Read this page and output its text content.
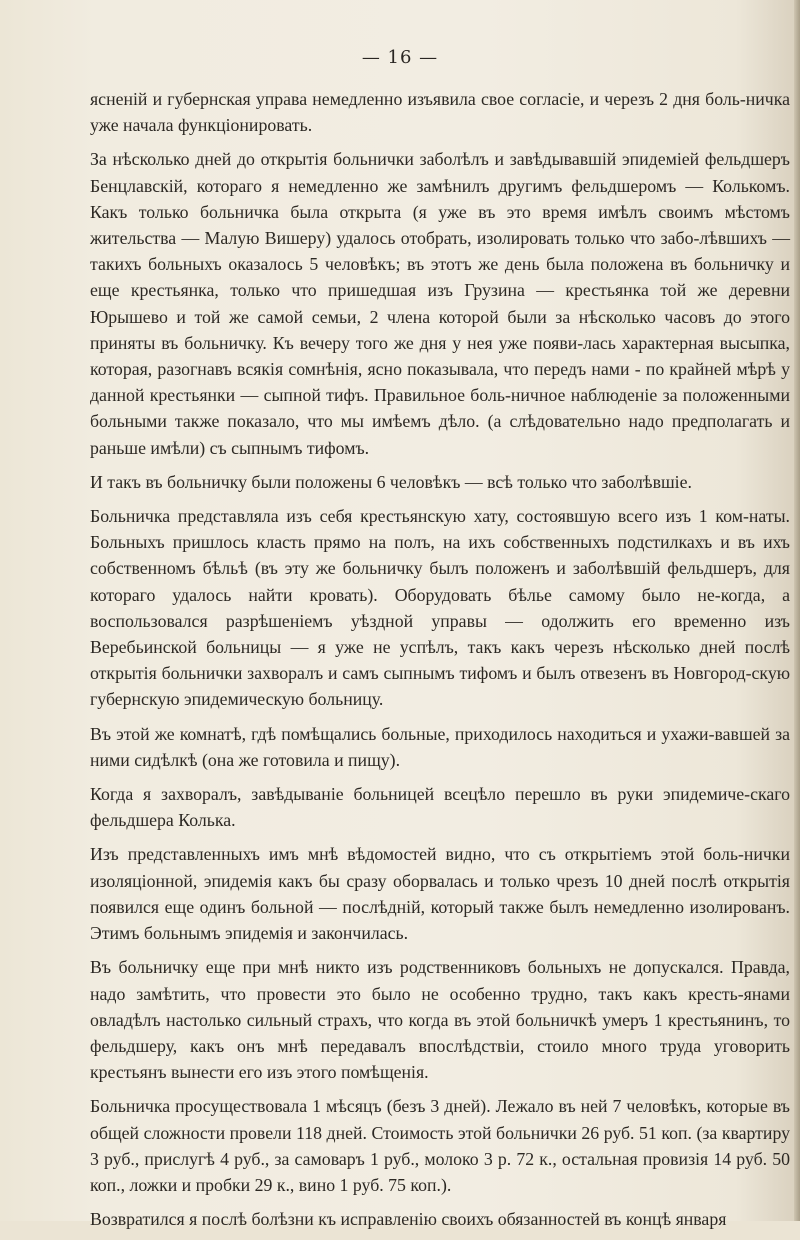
— 16 —

ясненій и губернская управа немедленно изъявила свое согласіе, и черезъ 2 дня боль-ничка уже начала функціонировать.

За нѣсколько дней до открытія больнички заболѣлъ и завѣдывавшій эпидеміей фельдшеръ Бенцлавскій, котораго я немедленно же замѣнилъ другимъ фельдшеромъ — Колькомъ. Какъ только больничка была открыта (я уже въ это время имѣлъ своимъ мѣстомъ жительства — Малую Вишеру) удалось отобрать, изолировать только что забо-лѣвшихъ — такихъ больныхъ оказалось 5 человѣкъ; въ этотъ же день была положена въ больничку и еще крестьянка, только что пришедшая изъ Грузина — крестьянка той же деревни Юрышево и той же самой семьи, 2 члена которой были за нѣсколько часовъ до этого приняты въ больничку. Къ вечеру того же дня у нея уже появи-лась характерная высыпка, которая, разогнавъ всякія сомнѣнія, ясно показывала, что передъ нами - по крайней мѣрѣ у данной крестьянки — сыпной тифъ. Правильное боль-ничное наблюденіе за положенными больными также показало, что мы имѣемъ дѣло. (а слѣдовательно надо предполагать и раньше имѣли) съ сыпнымъ тифомъ.

И такъ въ больничку были положены 6 человѣкъ — всѣ только что заболѣвшіе.

Больничка представляла изъ себя крестьянскую хату, состоявшую всего изъ 1 ком-наты. Больныхъ пришлось класть прямо на полъ, на ихъ собственныхъ подстилкахъ и въ ихъ собственномъ бѣльѣ (въ эту же больничку былъ положенъ и заболѣвшій фельдшеръ, для котораго удалось найти кровать). Оборудовать бѣлье самому было не-когда, а воспользовался разрѣшеніемъ уѣздной управы — одолжить его временно изъ Веребьинской больницы — я уже не успѣлъ, такъ какъ черезъ нѣсколько дней послѣ открытія больнички захворалъ и самъ сыпнымъ тифомъ и былъ отвезенъ въ Новгород-скую губернскую эпидемическую больницу.

Въ этой же комнатѣ, гдѣ помѣщались больные, приходилось находиться и ухажи-вавшей за ними сидѣлкѣ (она же готовила и пищу).

Когда я захворалъ, завѣдываніе больницей всецѣло перешло въ руки эпидемиче-скаго фельдшера Колька.

Изъ представленныхъ имъ мнѣ вѣдомостей видно, что съ открытіемъ этой боль-нички изоляціонной, эпидемія какъ бы сразу оборвалась и только чрезъ 10 дней послѣ открытія появился еще одинъ больной — послѣдній, который также былъ немедленно изолированъ. Этимъ больнымъ эпидемія и закончилась.

Въ больничку еще при мнѣ никто изъ родственниковъ больныхъ не допускался. Правда, надо замѣтить, что провести это было не особенно трудно, такъ какъ кресть-янами овладѣлъ настолько сильный страхъ, что когда въ этой больничкѣ умеръ 1 крестьянинъ, то фельдшеру, какъ онъ мнѣ передавалъ впослѣдствіи, стоило много труда уговорить крестьянъ вынести его изъ этого помѣщенія.

Больничка просуществовала 1 мѣсяцъ (безъ 3 дней). Лежало въ ней 7 человѣкъ, которые въ общей сложности провели 118 дней. Стоимость этой больнички 26 руб. 51 коп. (за квартиру 3 руб., прислугѣ 4 руб., за самоваръ 1 руб., молоко 3 р. 72 к., остальная провизія 14 руб. 50 коп., ложки и пробки 29 к., вино 1 руб. 75 коп.).

Возвратился я послѣ болѣзни къ исправленію своихъ обязанностей въ концѣ января
